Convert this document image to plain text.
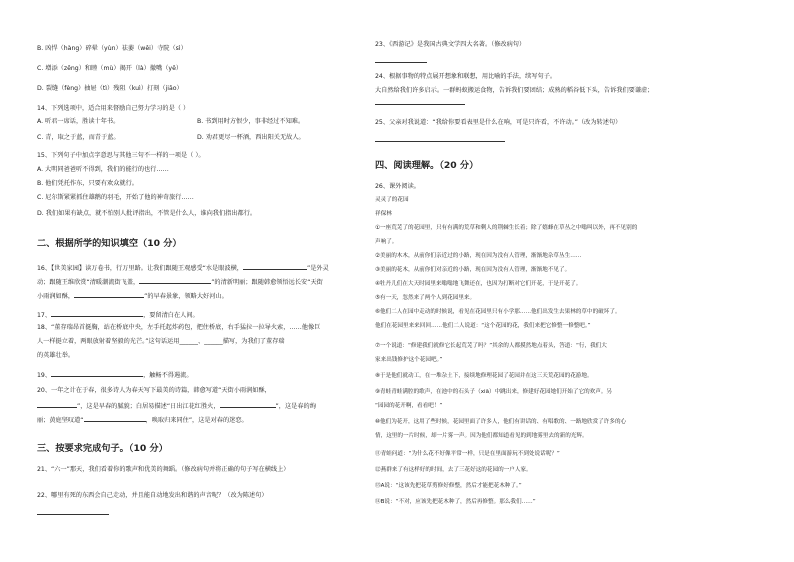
B. 凶悍（hàng）碎晕（yùn）祛萎（wěi）寺院（sì）
C. 增添（zēng）和睦（mù）揭开（là）撤嘴（yě）
D. 裂缝（fèng）抽屉（tì）残阻（kuì）打刻（jiāo）
14、下列选项中，适合用来督励自己努力学习的是（ ）
A. 听君一席话，胜读十年书。	B. 书到用时方恨少，事非经过不知难。
C. 青，取之于蓝，而青于蓝。	D. 劝君更尽一杯酒，西出阳关无故人。
15、下列句子中加点字意思与其他三句不一样的一项是（ ）。
A. 大明同爸爸听不得到，我们的能行的也行……
B. 他们凭托作东，只要有欢众就行。
C. 尼尔斯紧紧抓住雄鹅的羽毛，开始了他的神奇旅行……
D. 我们如果有缺点，就不怕别人批评指出，不管是什么人，谁向我们指出都行。
二、根据所学的知识填空（10 分）
16、【世美家园】读万卷书，行万里路。让我们跟随王观感受“水是眼波横，	”是外灵
动；跟随王维欣赏“清暖潮流街飞盖，	”的清新明丽；跟随韩愈领悟远长安“天街
小雨润如酥，	”的早春景象，领略大好河山。
17、	，要留清白在人间。
18、“董存瑞昂首挺胸，站在桥底中央，左手托起炸药包，把住桥底，右手猛拉一拉导火索，……他像巨
人一样挺立着，两眼放射着坚毅的光芒。”这句话运用______、______描写，为我们了董存瑞
的英雄壮举。
19、	，触畅不得遏流。
20、一年之计在于春，很多诗人为春天写下最美的诗篇，韩愈写道“天街小雨润如酥，
”，这是早春的腻貌；白居易描述“日出江花红胜火，	”，这是春的绚
丽；黄庭坚叹道“	，唤取归来同住”，这是对春的迷恋。
三、按要求完成句子。（10 分）
21、“六一”那天，我们看着你的歌声和优美的舞蹈。（修改病句并将正确的句子写在横线上）
22、哪里有死的东西会自己走动，并且能自动地发出和谐的声音呢？（改为陈述句）
23、《西游记》是我国古典文学四大名著。（修改病句）
24、根据事物的特点展开想象和联想，用比喻的手法，续写句子。
大自然给我们许多启示。一群蚂蚁搬运食物，告诉我们要团结；成熟的稻谷低下头，告诉我们要谦虚；
25、父亲对我说道：“我给你要看表里是什么在响，可是只许看，不许动。”（改为转述句）
四、阅读理解。（20 分）
26、课外阅读。
灵灵了的花园
祥保林
①一座荒芜了的花园里，只有有满的荒草和剩人的荆棘生长着；除了嬉蜂在草丛之中嗡叫以外，再不见别的
声响了。
②美丽的木木，从前你们亲近过的小路，现在因为没有人管理，渐渐地杂草丛生……
③美丽的花木，从前你们对亲近的小路，现在因为没有人管理，渐渐地不见了。
④牡丹儿们在大天时园里来嗡嗡地飞舞还在，也因为打断对它们开花，于是开花了。
⑤有一天，忽然来了两个人到花园里来。
⑥他们二人在园中走动的时候说，看见在花园里只有小学那……他们出发生去果林的草中的破坏了。
他们在花园里来来回回……他们二人说道：“这个花园的花，我们来把它修整一修整吧。”
⑦一个说道：“修建我们就修它长起荒芜了吗？”其余的人都摸然地点着头，答道：“行，我们大
家来出钱修护这个花园吧。”
⑧于是他们就动工，在一堆杂土下，接续地修理花园了花园并在这三天荒花园的花游地。
⑨青蛙青蛙满腔的歌声，在池中的石头子（xiā）中跳出来，修建好花园她们开始了它的欢声。另
“园园的花开啊，看看吧！”
⑩他们为花开，这用了些时候，花园里面了许多人，他们有讲话的、有唱歌的、一路地欣赏了许多的心
情，这里的一片时候，却一片雾一声。因为他们都知道看见的到地雾里去的新的光辉。
⑪青蛙问道：“为什么花不好像平常一样，只是在里面游玩不到处说话呢？”
⑫燕群来了有这样好的时间，去了三花好这的花园的一户人家。
⑬A说：“这该先把花草剪修好修整，然后才能把花木种了。”
⑭B说：“不对，应该先把花木种了，然后再修整。那么我们……”
